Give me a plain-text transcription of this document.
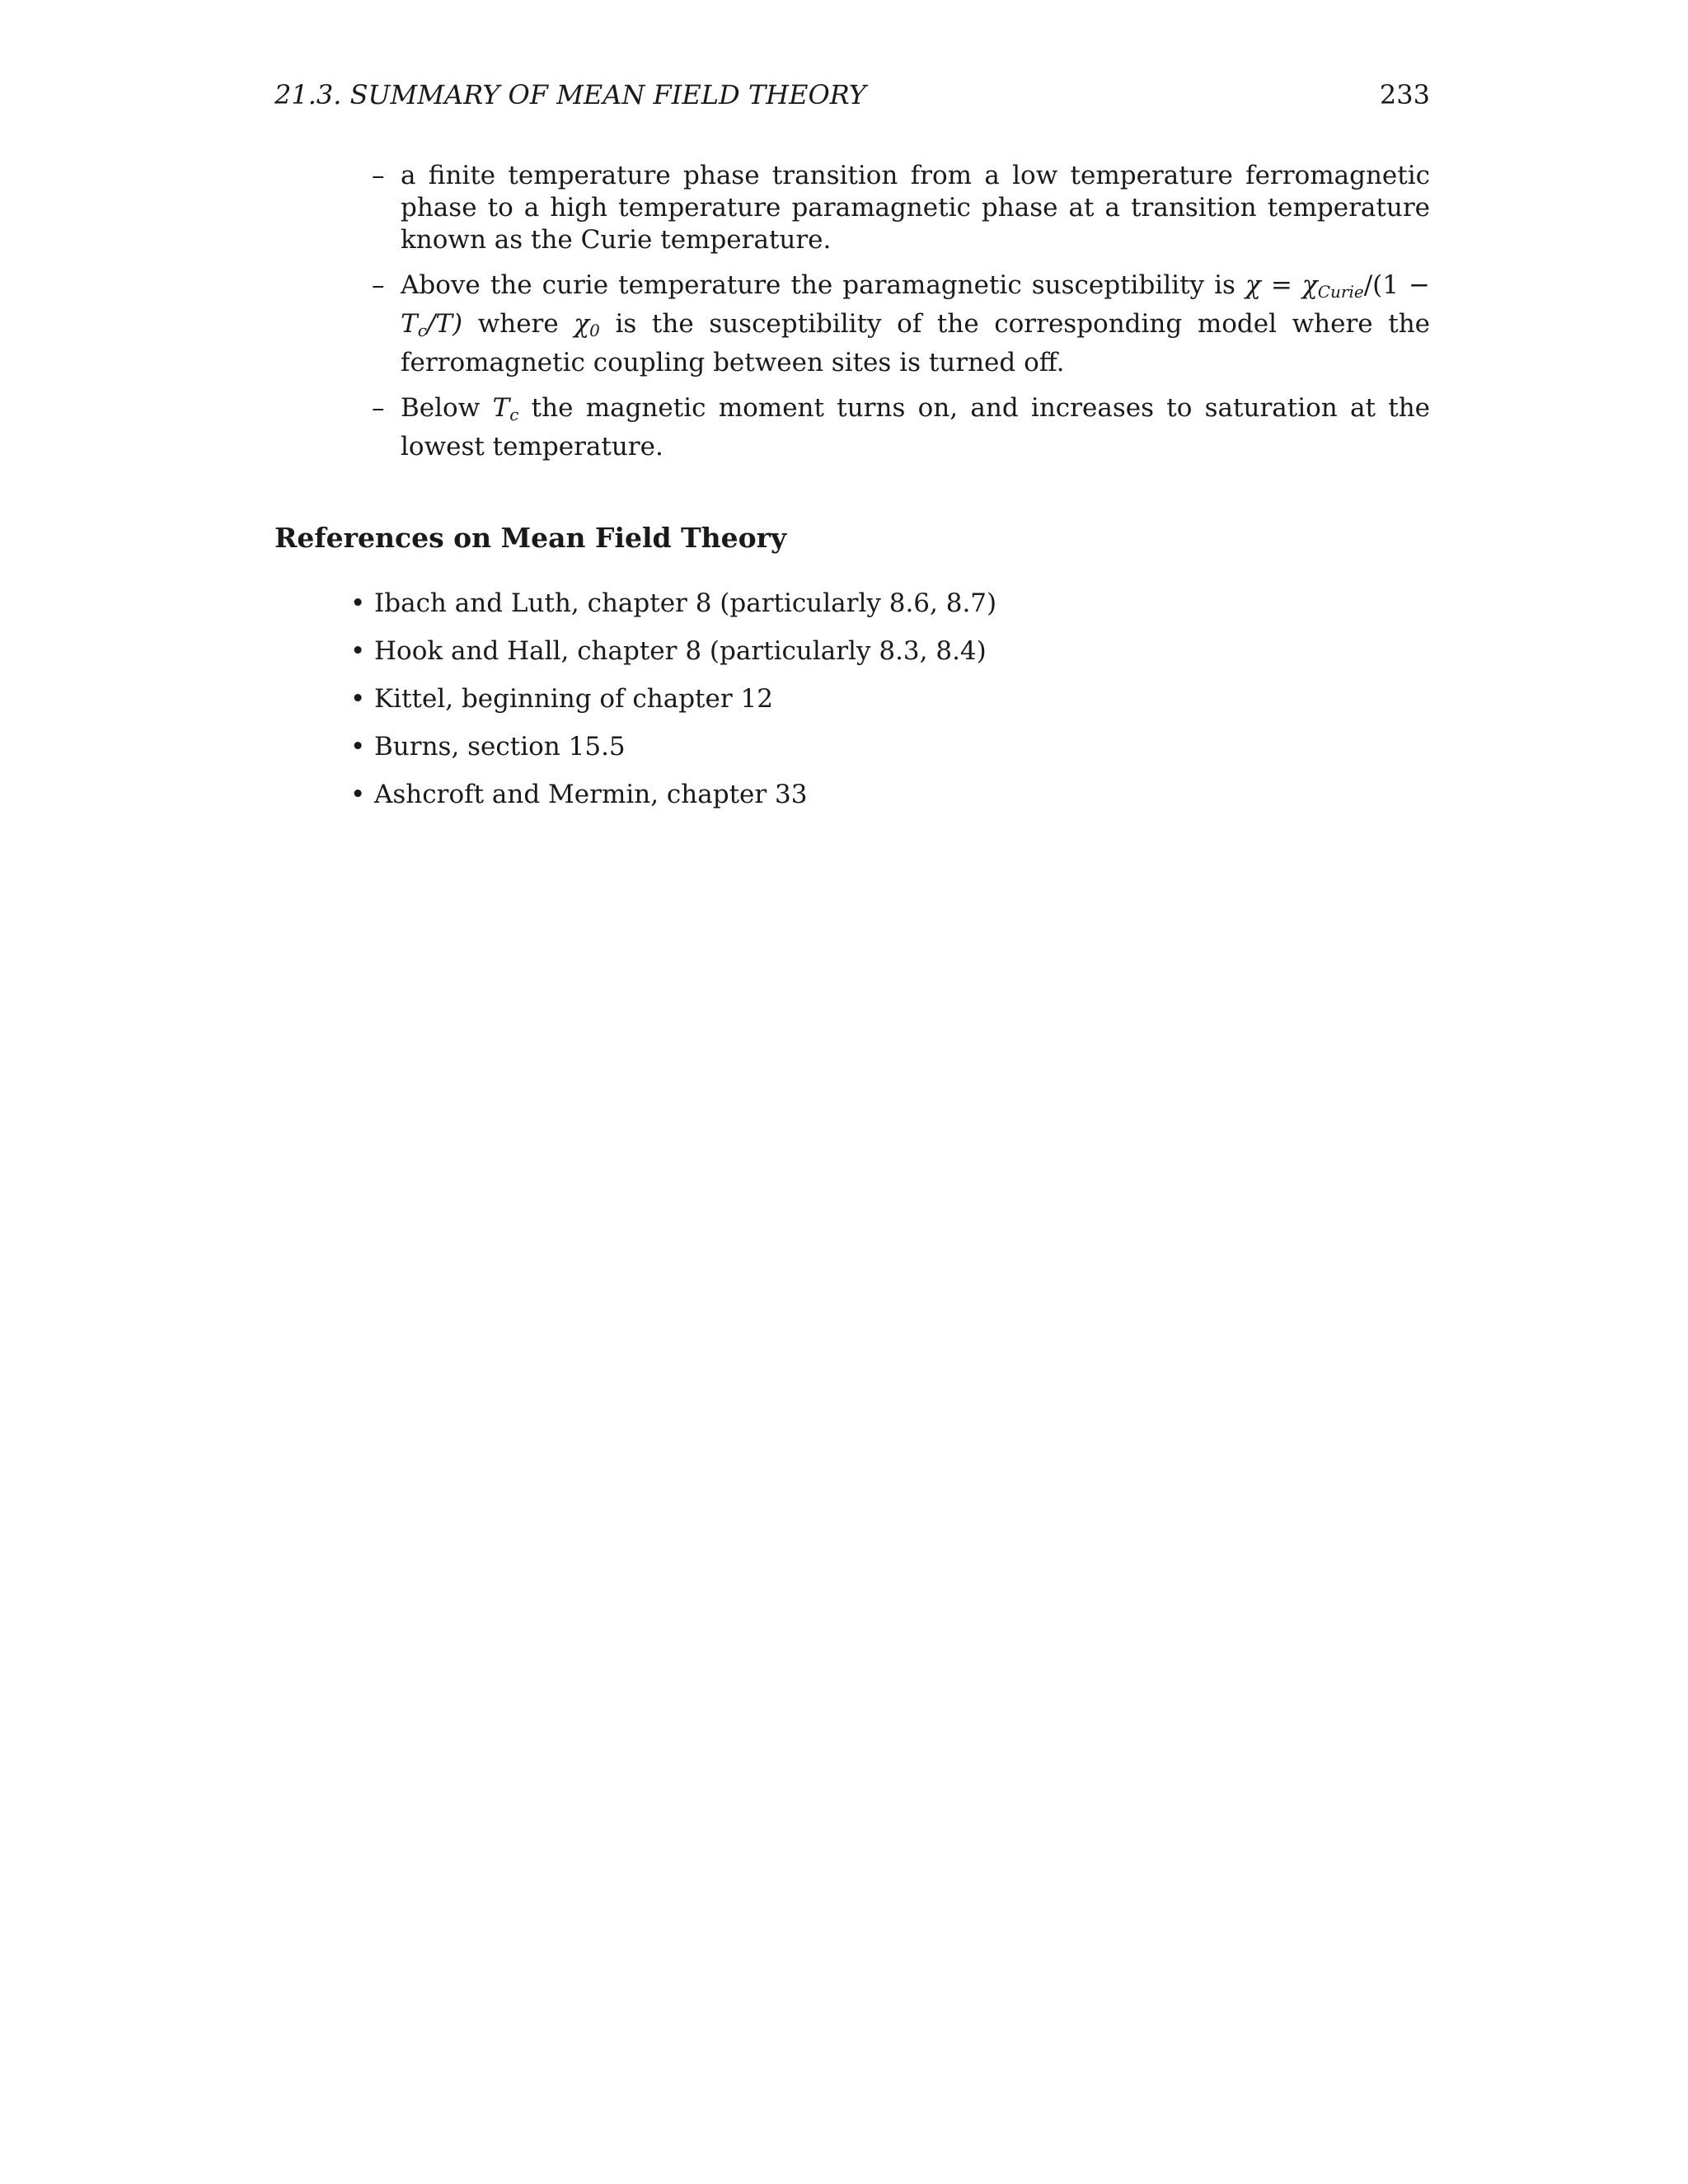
21.3. SUMMARY OF MEAN FIELD THEORY	233
– a finite temperature phase transition from a low temperature ferromagnetic phase to a high temperature paramagnetic phase at a transition temperature known as the Curie temperature.
– Above the curie temperature the paramagnetic susceptibility is $\chi = \chi_{Curie}/(1 - T_c/T)$ where $\chi_0$ is the susceptibility of the corresponding model where the ferromagnetic coupling between sites is turned off.
– Below $T_c$ the magnetic moment turns on, and increases to saturation at the lowest temperature.
References on Mean Field Theory
• Ibach and Luth, chapter 8 (particularly 8.6, 8.7)
• Hook and Hall, chapter 8 (particularly 8.3, 8.4)
• Kittel, beginning of chapter 12
• Burns, section 15.5
• Ashcroft and Mermin, chapter 33
